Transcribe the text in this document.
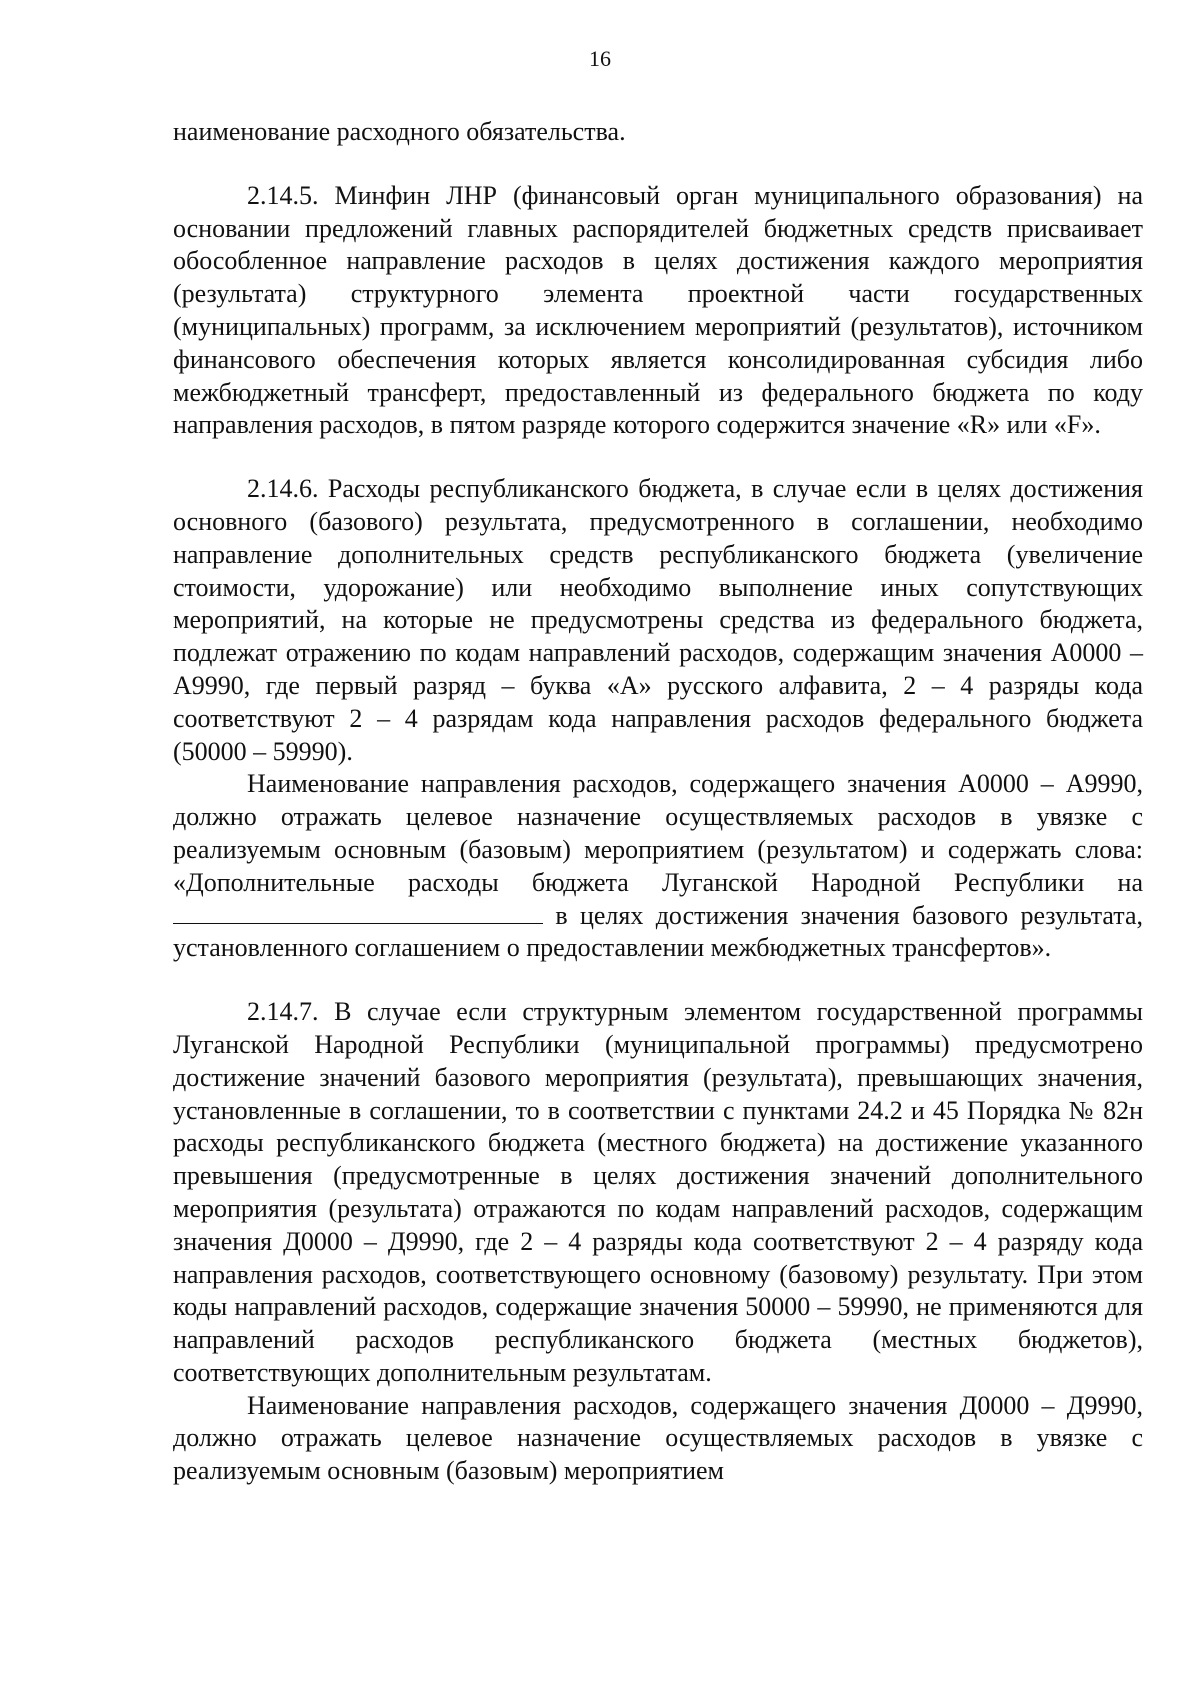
16

наименование расходного обязательства.

2.14.5. Минфин ЛНР (финансовый орган муниципального образования) на основании предложений главных распорядителей бюджетных средств присваивает обособленное направление расходов в целях достижения каждого мероприятия (результата) структурного элемента проектной части государственных (муниципальных) программ, за исключением мероприятий (результатов), источником финансового обеспечения которых является консолидированная субсидия либо межбюджетный трансферт, предоставленный из федерального бюджета по коду направления расходов, в пятом разряде которого содержится значение «R» или «F».

2.14.6. Расходы республиканского бюджета, в случае если в целях достижения основного (базового) результата, предусмотренного в соглашении, необходимо направление дополнительных средств республиканского бюджета (увеличение стоимости, удорожание) или необходимо выполнение иных сопутствующих мероприятий, на которые не предусмотрены средства из федерального бюджета, подлежат отражению по кодам направлений расходов, содержащим значения А0000 – А9990, где первый разряд – буква «А» русского алфавита, 2 – 4 разряды кода соответствуют 2 – 4 разрядам кода направления расходов федерального бюджета (50000 – 59990).

Наименование направления расходов, содержащего значения А0000 – А9990, должно отражать целевое назначение осуществляемых расходов в увязке с реализуемым основным (базовым) мероприятием (результатом) и содержать слова: «Дополнительные расходы бюджета Луганской Народной Республики на  в целях достижения значения базового результата, установленного соглашением о предоставлении межбюджетных трансфертов».

2.14.7. В случае если структурным элементом государственной программы Луганской Народной Республики (муниципальной программы) предусмотрено достижение значений базового мероприятия (результата), превышающих значения, установленные в соглашении, то в соответствии с пунктами 24.2 и 45 Порядка № 82н расходы республиканского бюджета (местного бюджета) на достижение указанного превышения (предусмотренные в целях достижения значений дополнительного мероприятия (результата) отражаются по кодам направлений расходов, содержащим значения Д0000 – Д9990, где 2 – 4 разряды кода соответствуют 2 – 4 разряду кода направления расходов, соответствующего основному (базовому) результату. При этом коды направлений расходов, содержащие значения 50000 – 59990, не применяются для направлений расходов республиканского бюджета (местных бюджетов), соответствующих дополнительным результатам.

Наименование направления расходов, содержащего значения Д0000 – Д9990, должно отражать целевое назначение осуществляемых расходов в увязке с реализуемым основным (базовым) мероприятием
